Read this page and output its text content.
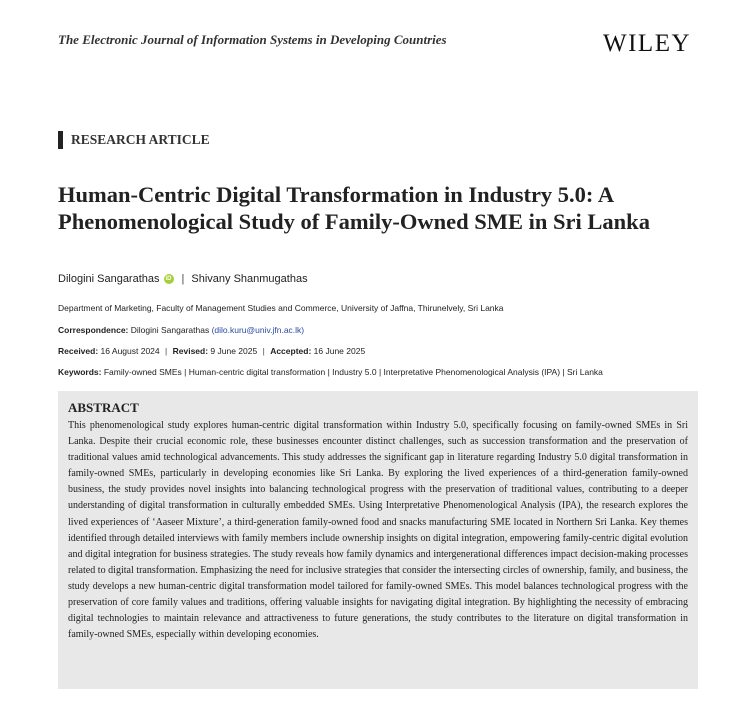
The Electronic Journal of Information Systems in Developing Countries	WILEY
RESEARCH ARTICLE
Human-Centric Digital Transformation in Industry 5.0: A Phenomenological Study of Family-Owned SME in Sri Lanka
Dilogini Sangarathas	iD | Shivany Shanmugathas
Department of Marketing, Faculty of Management Studies and Commerce, University of Jaffna, Thirunelvely, Sri Lanka
Correspondence: Dilogini Sangarathas (dilo.kuru@univ.jfn.ac.lk)
Received: 16 August 2024 | Revised: 9 June 2025 | Accepted: 16 June 2025
Keywords: Family-owned SMEs | Human-centric digital transformation | Industry 5.0 | Interpretative Phenomenological Analysis (IPA) | Sri Lanka
ABSTRACT

This phenomenological study explores human-centric digital transformation within Industry 5.0, specifically focusing on family-owned SMEs in Sri Lanka. Despite their crucial economic role, these businesses encounter distinct challenges, such as succession transformation and the preservation of traditional values amid technological advancements. This study addresses the significant gap in literature regarding Industry 5.0 digital transformation in family-owned SMEs, particularly in developing economies like Sri Lanka. By exploring the lived experiences of a third-generation family-owned business, the study provides novel insights into balancing technological progress with the preservation of traditional values, contributing to a deeper understanding of digital transformation in culturally embedded SMEs. Using Interpretative Phenomenological Analysis (IPA), the research explores the lived experiences of ‘Aaseer Mixture’, a third-generation family-owned food and snacks manufacturing SME located in Northern Sri Lanka. Key themes identified through detailed interviews with family members include ownership insights on digital integration, empowering family-centric digital evolution and digital integration for business strategies. The study reveals how family dynamics and intergenerational differences impact decision-making processes related to digital transformation. Emphasizing the need for inclusive strategies that consider the intersecting circles of ownership, family, and business, the study develops a new human-centric digital transformation model tailored for family-owned SMEs. This model balances technological progress with the preservation of core family values and traditions, offering valuable insights for navigating digital integration. By highlighting the necessity of embracing digital technologies to maintain relevance and attractiveness to future generations, the study contributes to the literature on digital transformation in family-owned SMEs, especially within developing economies.
